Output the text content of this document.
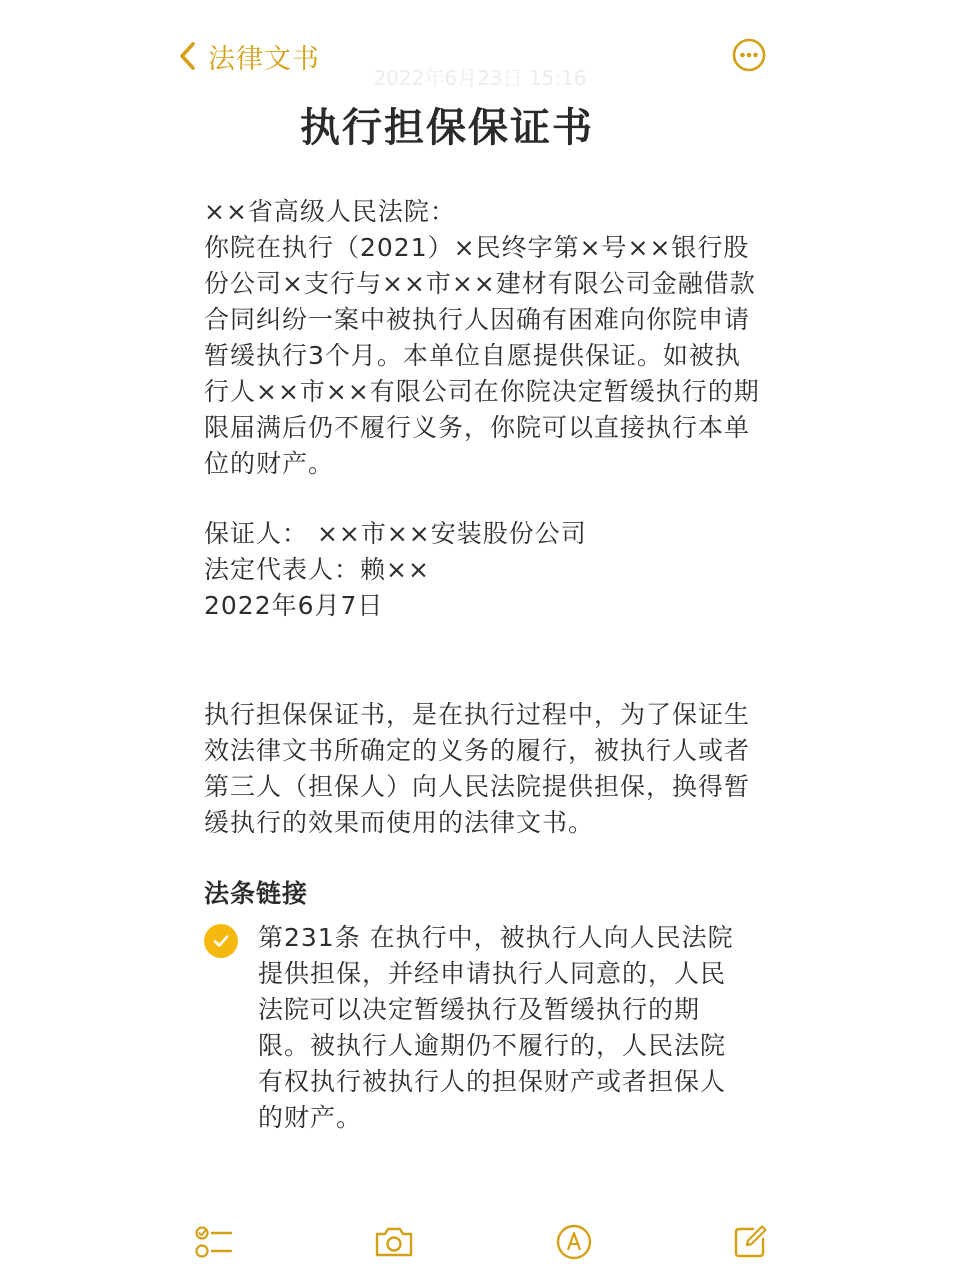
法律文书
2022年6月23日 15:16
执行担保保证书

××省高级人民法院：

你院在执行（2021）×民终字第×号××银行股份公司×支行与××市××建材有限公司金融借款合同纠纷一案中被执行人因确有困难向你院申请暂缓执行3个月。本单位自愿提供保证。如被执行人××市××有限公司在你院决定暂缓执行的期限届满后仍不履行义务，你院可以直接执行本单位的财产。

保证人： ××市××安装股份公司

法定代表人：赖××

2022年6月7日

执行担保保证书，是在执行过程中，为了保证生效法律文书所确定的义务的履行，被执行人或者第三人（担保人）向人民法院提供担保，换得暂缓执行的效果而使用的法律文书。
法条链接
第231条 在执行中，被执行人向人民法院提供担保，并经申请执行人同意的，人民法院可以决定暂缓执行及暂缓执行的期限。被执行人逾期仍不履行的，人民法院有权执行被执行人的担保财产或者担保人的财产。
